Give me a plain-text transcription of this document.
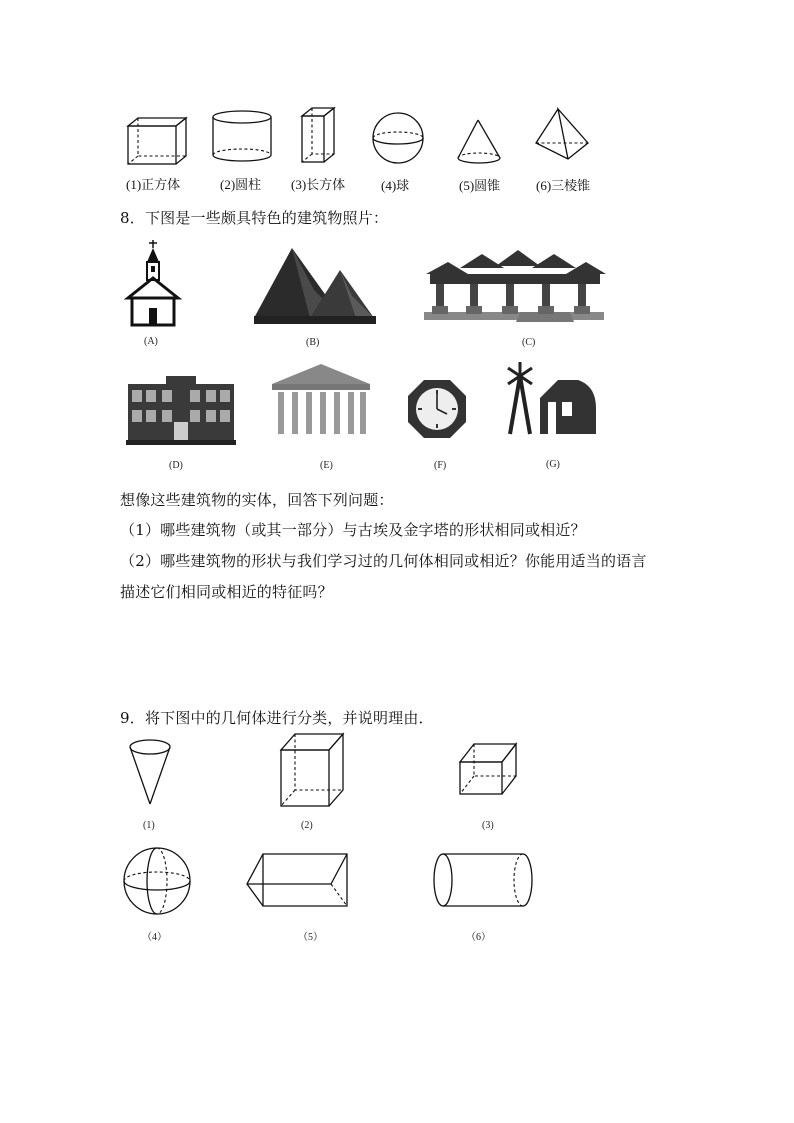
(1)正方体	(2)圆柱 (3)长方体	(4)球	(5)圆锥	(6)三棱锥
8．下图是一些颇具特色的建筑物照片：
(A)	(B)	(C)
(D)	(E)	(F)	(G)
想像这些建筑物的实体，回答下列问题：
（1）哪些建筑物（或其一部分）与古埃及金字塔的形状相同或相近？
（2）哪些建筑物的形状与我们学习过的几何体相同或相近？你能用适当的语言
描述它们相同或相近的特征吗？
9．将下图中的几何体进行分类，并说明理由．
(1)	(2)	(3)
（4）	（5）	（6）
